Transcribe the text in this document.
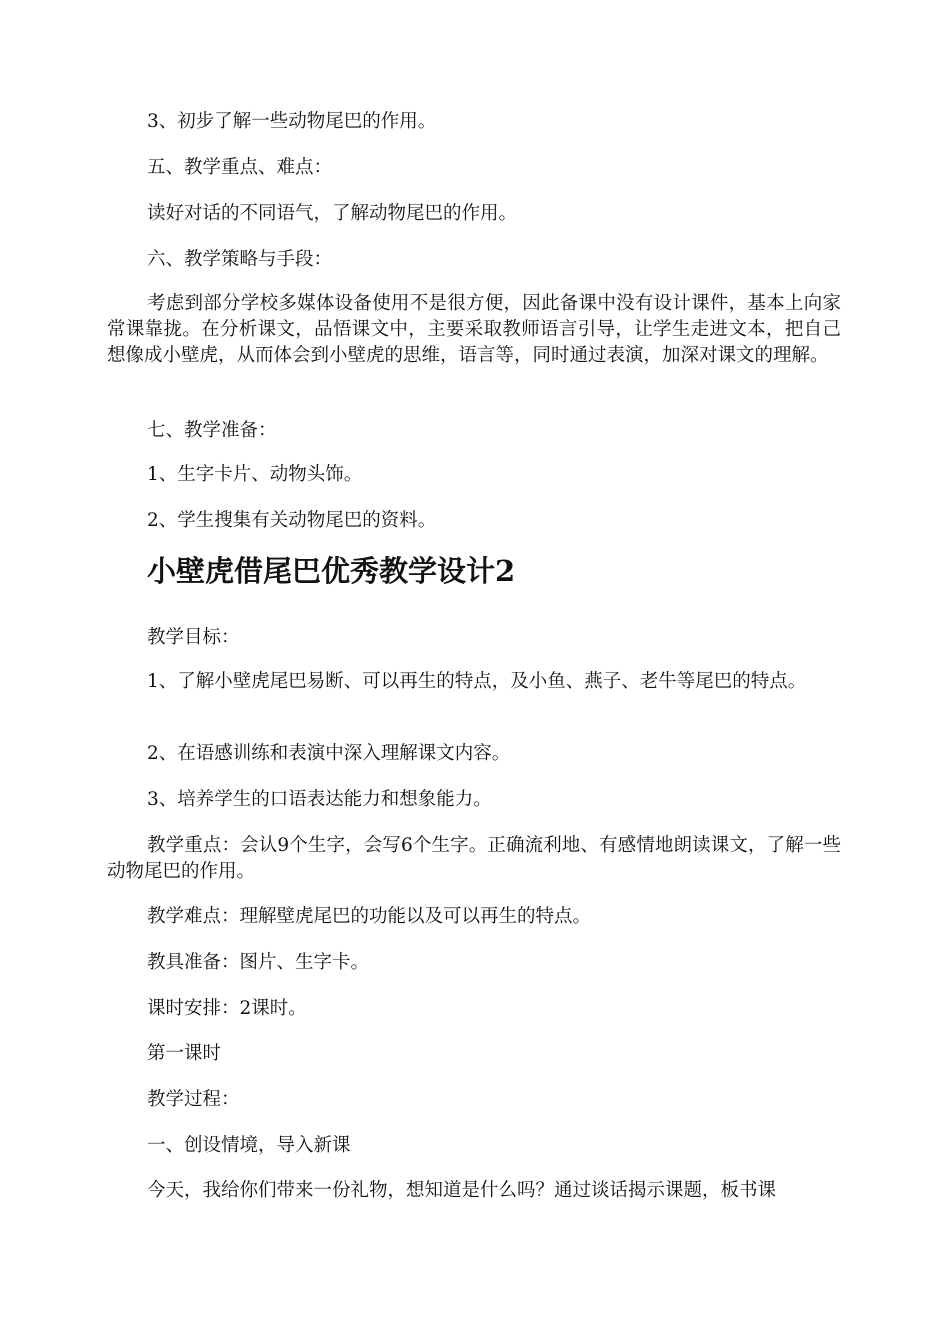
3、初步了解一些动物尾巴的作用。

五、教学重点、难点：

读好对话的不同语气，了解动物尾巴的作用。

六、教学策略与手段：

考虑到部分学校多媒体设备使用不是很方便，因此备课中没有设计课件，基本上向家常课靠拢。在分析课文，品悟课文中，主要采取教师语言引导，让学生走进文本，把自己想像成小壁虎，从而体会到小壁虎的思维，语言等，同时通过表演，加深对课文的理解。

七、教学准备：

1、生字卡片、动物头饰。

2、学生搜集有关动物尾巴的资料。

小壁虎借尾巴优秀教学设计2

教学目标：

1、了解小壁虎尾巴易断、可以再生的特点，及小鱼、燕子、老牛等尾巴的特点。

2、在语感训练和表演中深入理解课文内容。

3、培养学生的口语表达能力和想象能力。

教学重点：会认9个生字，会写6个生字。正确流利地、有感情地朗读课文，了解一些动物尾巴的作用。

教学难点：理解壁虎尾巴的功能以及可以再生的特点。

教具准备：图片、生字卡。

课时安排：2课时。

第一课时

教学过程：

一、创设情境，导入新课

今天，我给你们带来一份礼物，想知道是什么吗？通过谈话揭示课题，板书课
